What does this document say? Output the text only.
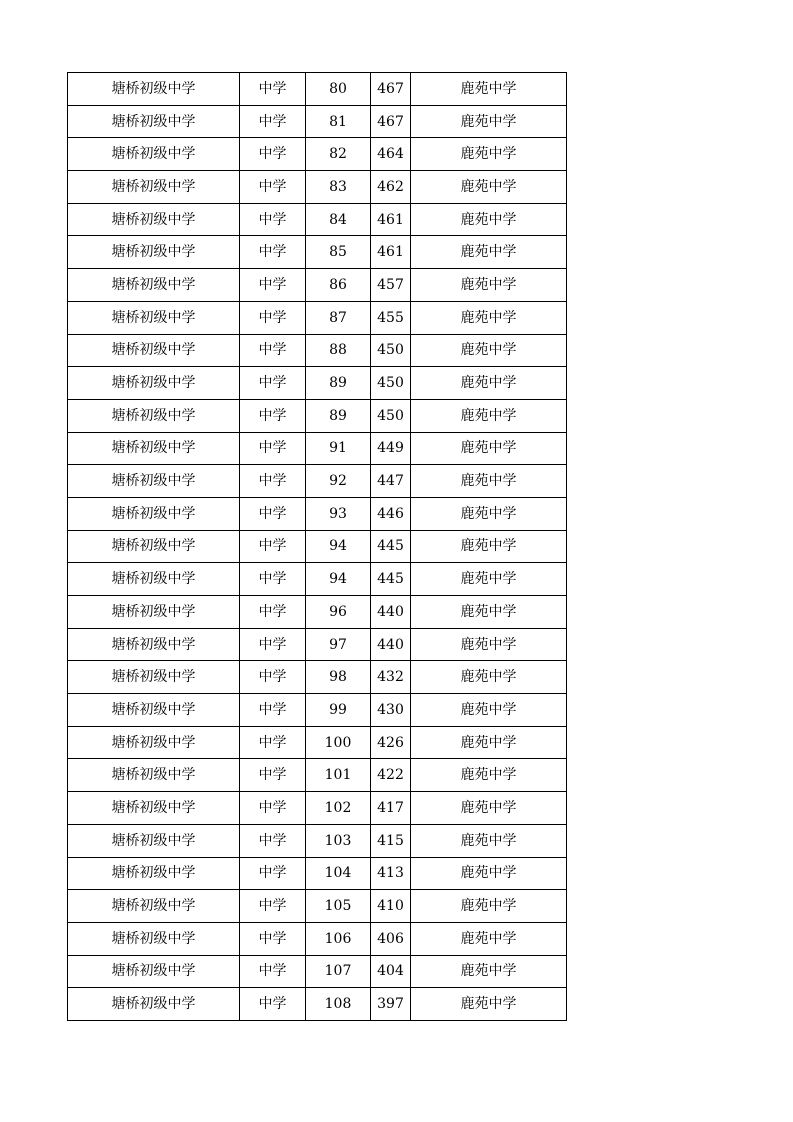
塘桥初级中学	中学	80	467	鹿苑中学
塘桥初级中学	中学	81	467	鹿苑中学
塘桥初级中学	中学	82	464	鹿苑中学
塘桥初级中学	中学	83	462	鹿苑中学
塘桥初级中学	中学	84	461	鹿苑中学
塘桥初级中学	中学	85	461	鹿苑中学
塘桥初级中学	中学	86	457	鹿苑中学
塘桥初级中学	中学	87	455	鹿苑中学
塘桥初级中学	中学	88	450	鹿苑中学
塘桥初级中学	中学	89	450	鹿苑中学
塘桥初级中学	中学	89	450	鹿苑中学
塘桥初级中学	中学	91	449	鹿苑中学
塘桥初级中学	中学	92	447	鹿苑中学
塘桥初级中学	中学	93	446	鹿苑中学
塘桥初级中学	中学	94	445	鹿苑中学
塘桥初级中学	中学	94	445	鹿苑中学
塘桥初级中学	中学	96	440	鹿苑中学
塘桥初级中学	中学	97	440	鹿苑中学
塘桥初级中学	中学	98	432	鹿苑中学
塘桥初级中学	中学	99	430	鹿苑中学
塘桥初级中学	中学	100	426	鹿苑中学
塘桥初级中学	中学	101	422	鹿苑中学
塘桥初级中学	中学	102	417	鹿苑中学
塘桥初级中学	中学	103	415	鹿苑中学
塘桥初级中学	中学	104	413	鹿苑中学
塘桥初级中学	中学	105	410	鹿苑中学
塘桥初级中学	中学	106	406	鹿苑中学
塘桥初级中学	中学	107	404	鹿苑中学
塘桥初级中学	中学	108	397	鹿苑中学
